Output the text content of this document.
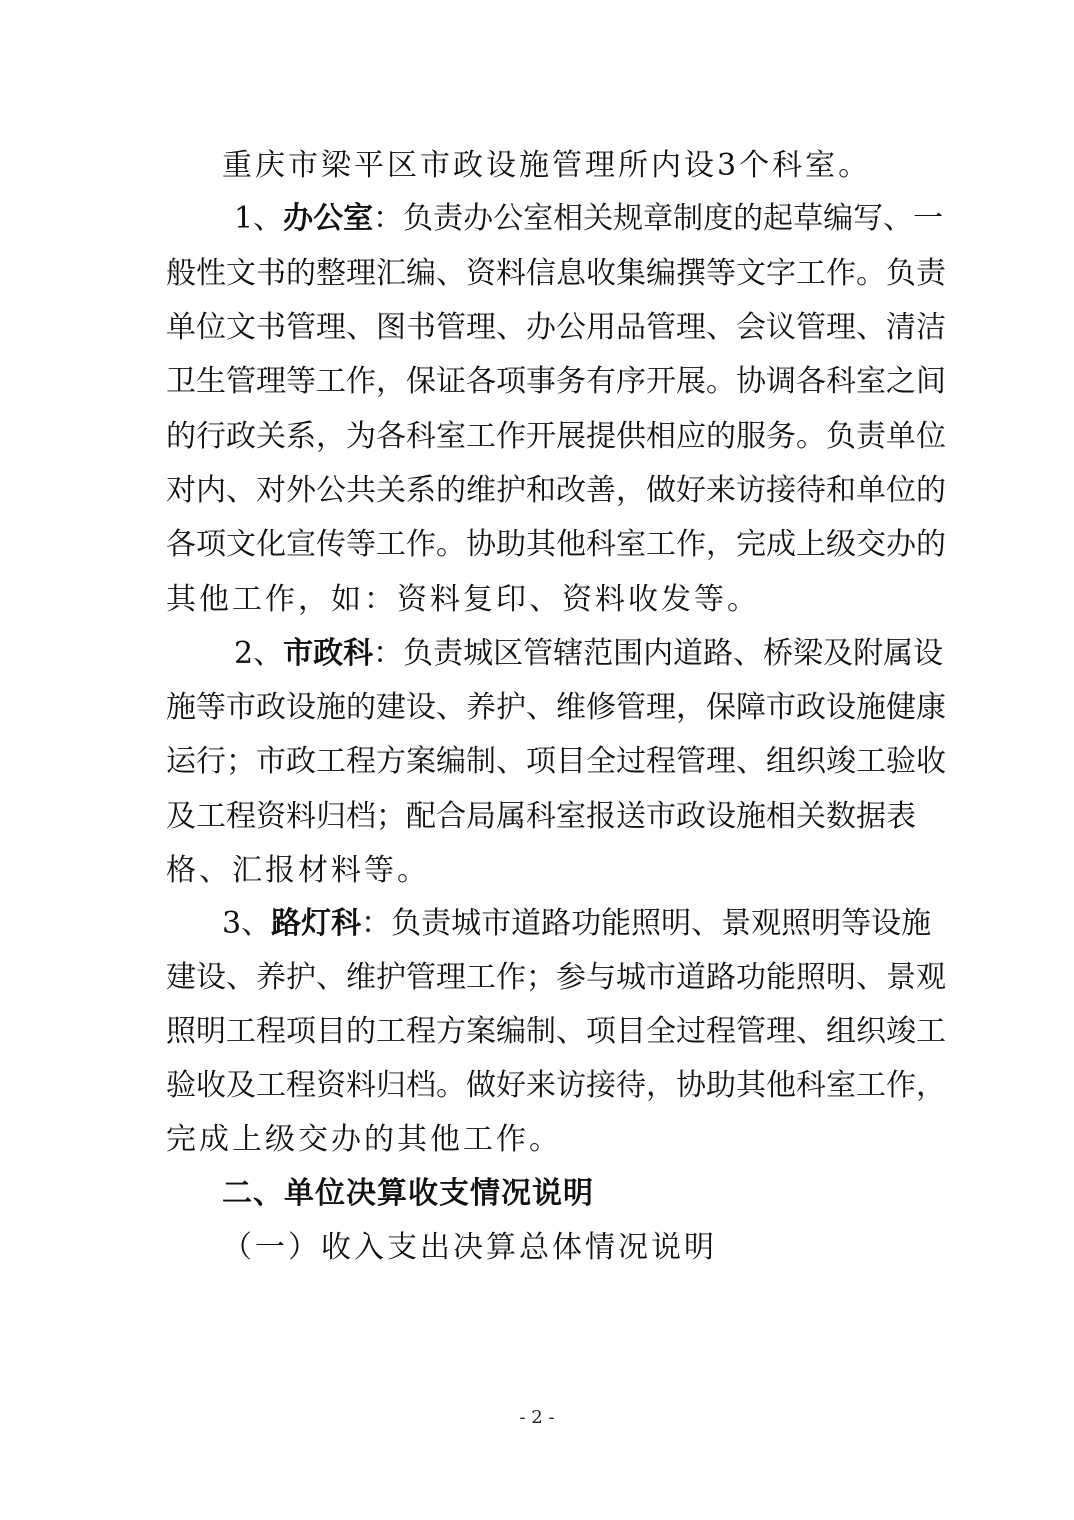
重庆市梁平区市政设施管理所内设3个科室。
1、办公室：负责办公室相关规章制度的起草编写、一
般性文书的整理汇编、资料信息收集编撰等文字工作。负责
单位文书管理、图书管理、办公用品管理、会议管理、清洁
卫生管理等工作，保证各项事务有序开展。协调各科室之间
的行政关系，为各科室工作开展提供相应的服务。负责单位
对内、对外公共关系的维护和改善，做好来访接待和单位的
各项文化宣传等工作。协助其他科室工作，完成上级交办的
其他工作，如：资料复印、资料收发等。
2、市政科：负责城区管辖范围内道路、桥梁及附属设
施等市政设施的建设、养护、维修管理，保障市政设施健康
运行；市政工程方案编制、项目全过程管理、组织竣工验收
及工程资料归档；配合局属科室报送市政设施相关数据表
格、汇报材料等。
3、路灯科：负责城市道路功能照明、景观照明等设施
建设、养护、维护管理工作；参与城市道路功能照明、景观
照明工程项目的工程方案编制、项目全过程管理、组织竣工
验收及工程资料归档。做好来访接待，协助其他科室工作，
完成上级交办的其他工作。
二、单位决算收支情况说明
（一）收入支出决算总体情况说明
- 2 -
